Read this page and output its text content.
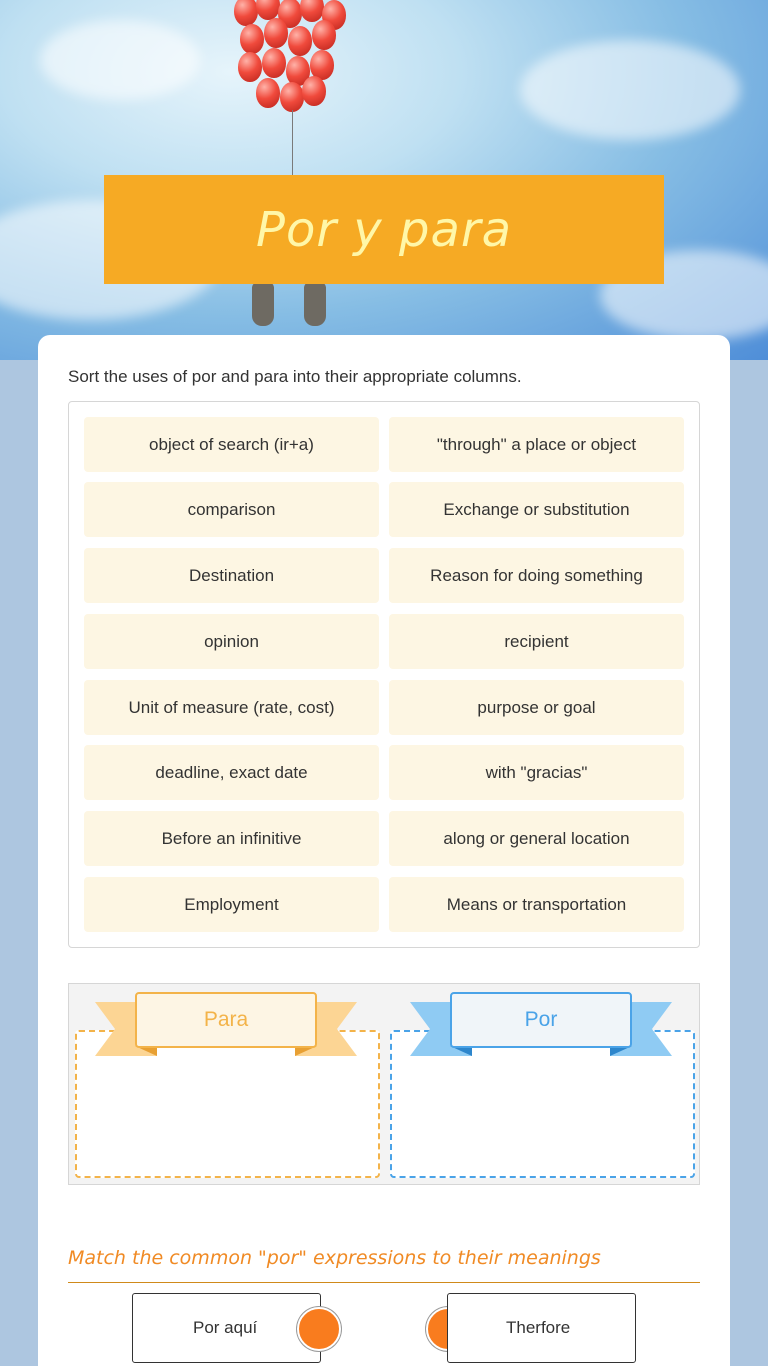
Por y para
Sort the uses of por and para into their appropriate columns.
object of search (ir+a)	"through" a place or object
comparison	Exchange or substitution
Destination	Reason for doing something
opinion	recipient
Unit of measure (rate, cost)	purpose or goal
deadline, exact date	with "gracias"
Before an infinitive	along or general location
Employment	Means or transportation
Para	Por
Match the common "por" expressions to their meanings
Por aquí	Therfore
